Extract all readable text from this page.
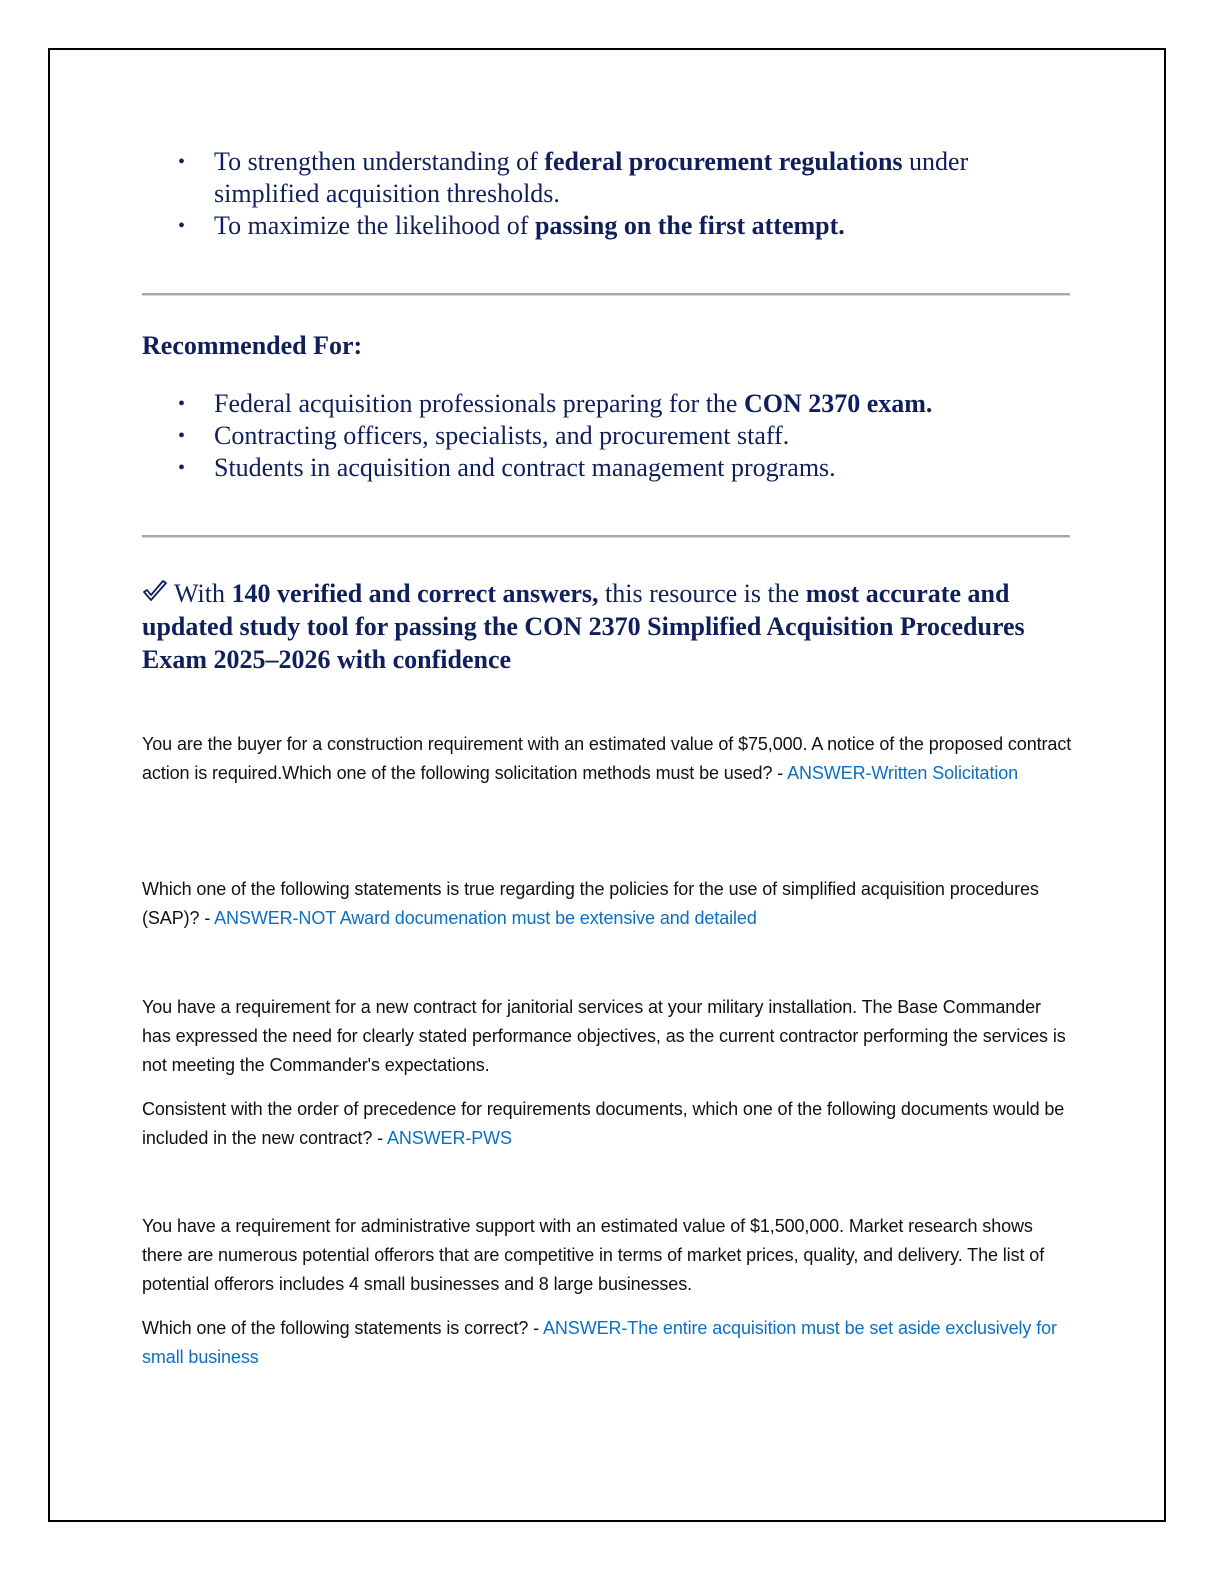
• To strengthen understanding of federal procurement regulations under simplified acquisition thresholds.
• To maximize the likelihood of passing on the first attempt.
Recommended For:
• Federal acquisition professionals preparing for the CON 2370 exam.
• Contracting officers, specialists, and procurement staff.
• Students in acquisition and contract management programs.
With 140 verified and correct answers, this resource is the most accurate and updated study tool for passing the CON 2370 Simplified Acquisition Procedures Exam 2025–2026 with confidence

You are the buyer for a construction requirement with an estimated value of $75,000. A notice of the proposed contract action is required.Which one of the following solicitation methods must be used? - ANSWER-Written Solicitation

Which one of the following statements is true regarding the policies for the use of simplified acquisition procedures (SAP)? - ANSWER-NOT Award documenation must be extensive and detailed

You have a requirement for a new contract for janitorial services at your military installation. The Base Commander has expressed the need for clearly stated performance objectives, as the current contractor performing the services is not meeting the Commander's expectations.

Consistent with the order of precedence for requirements documents, which one of the following documents would be included in the new contract? - ANSWER-PWS

You have a requirement for administrative support with an estimated value of $1,500,000. Market research shows there are numerous potential offerors that are competitive in terms of market prices, quality, and delivery. The list of potential offerors includes 4 small businesses and 8 large businesses.

Which one of the following statements is correct? - ANSWER-The entire acquisition must be set aside exclusively for small business
